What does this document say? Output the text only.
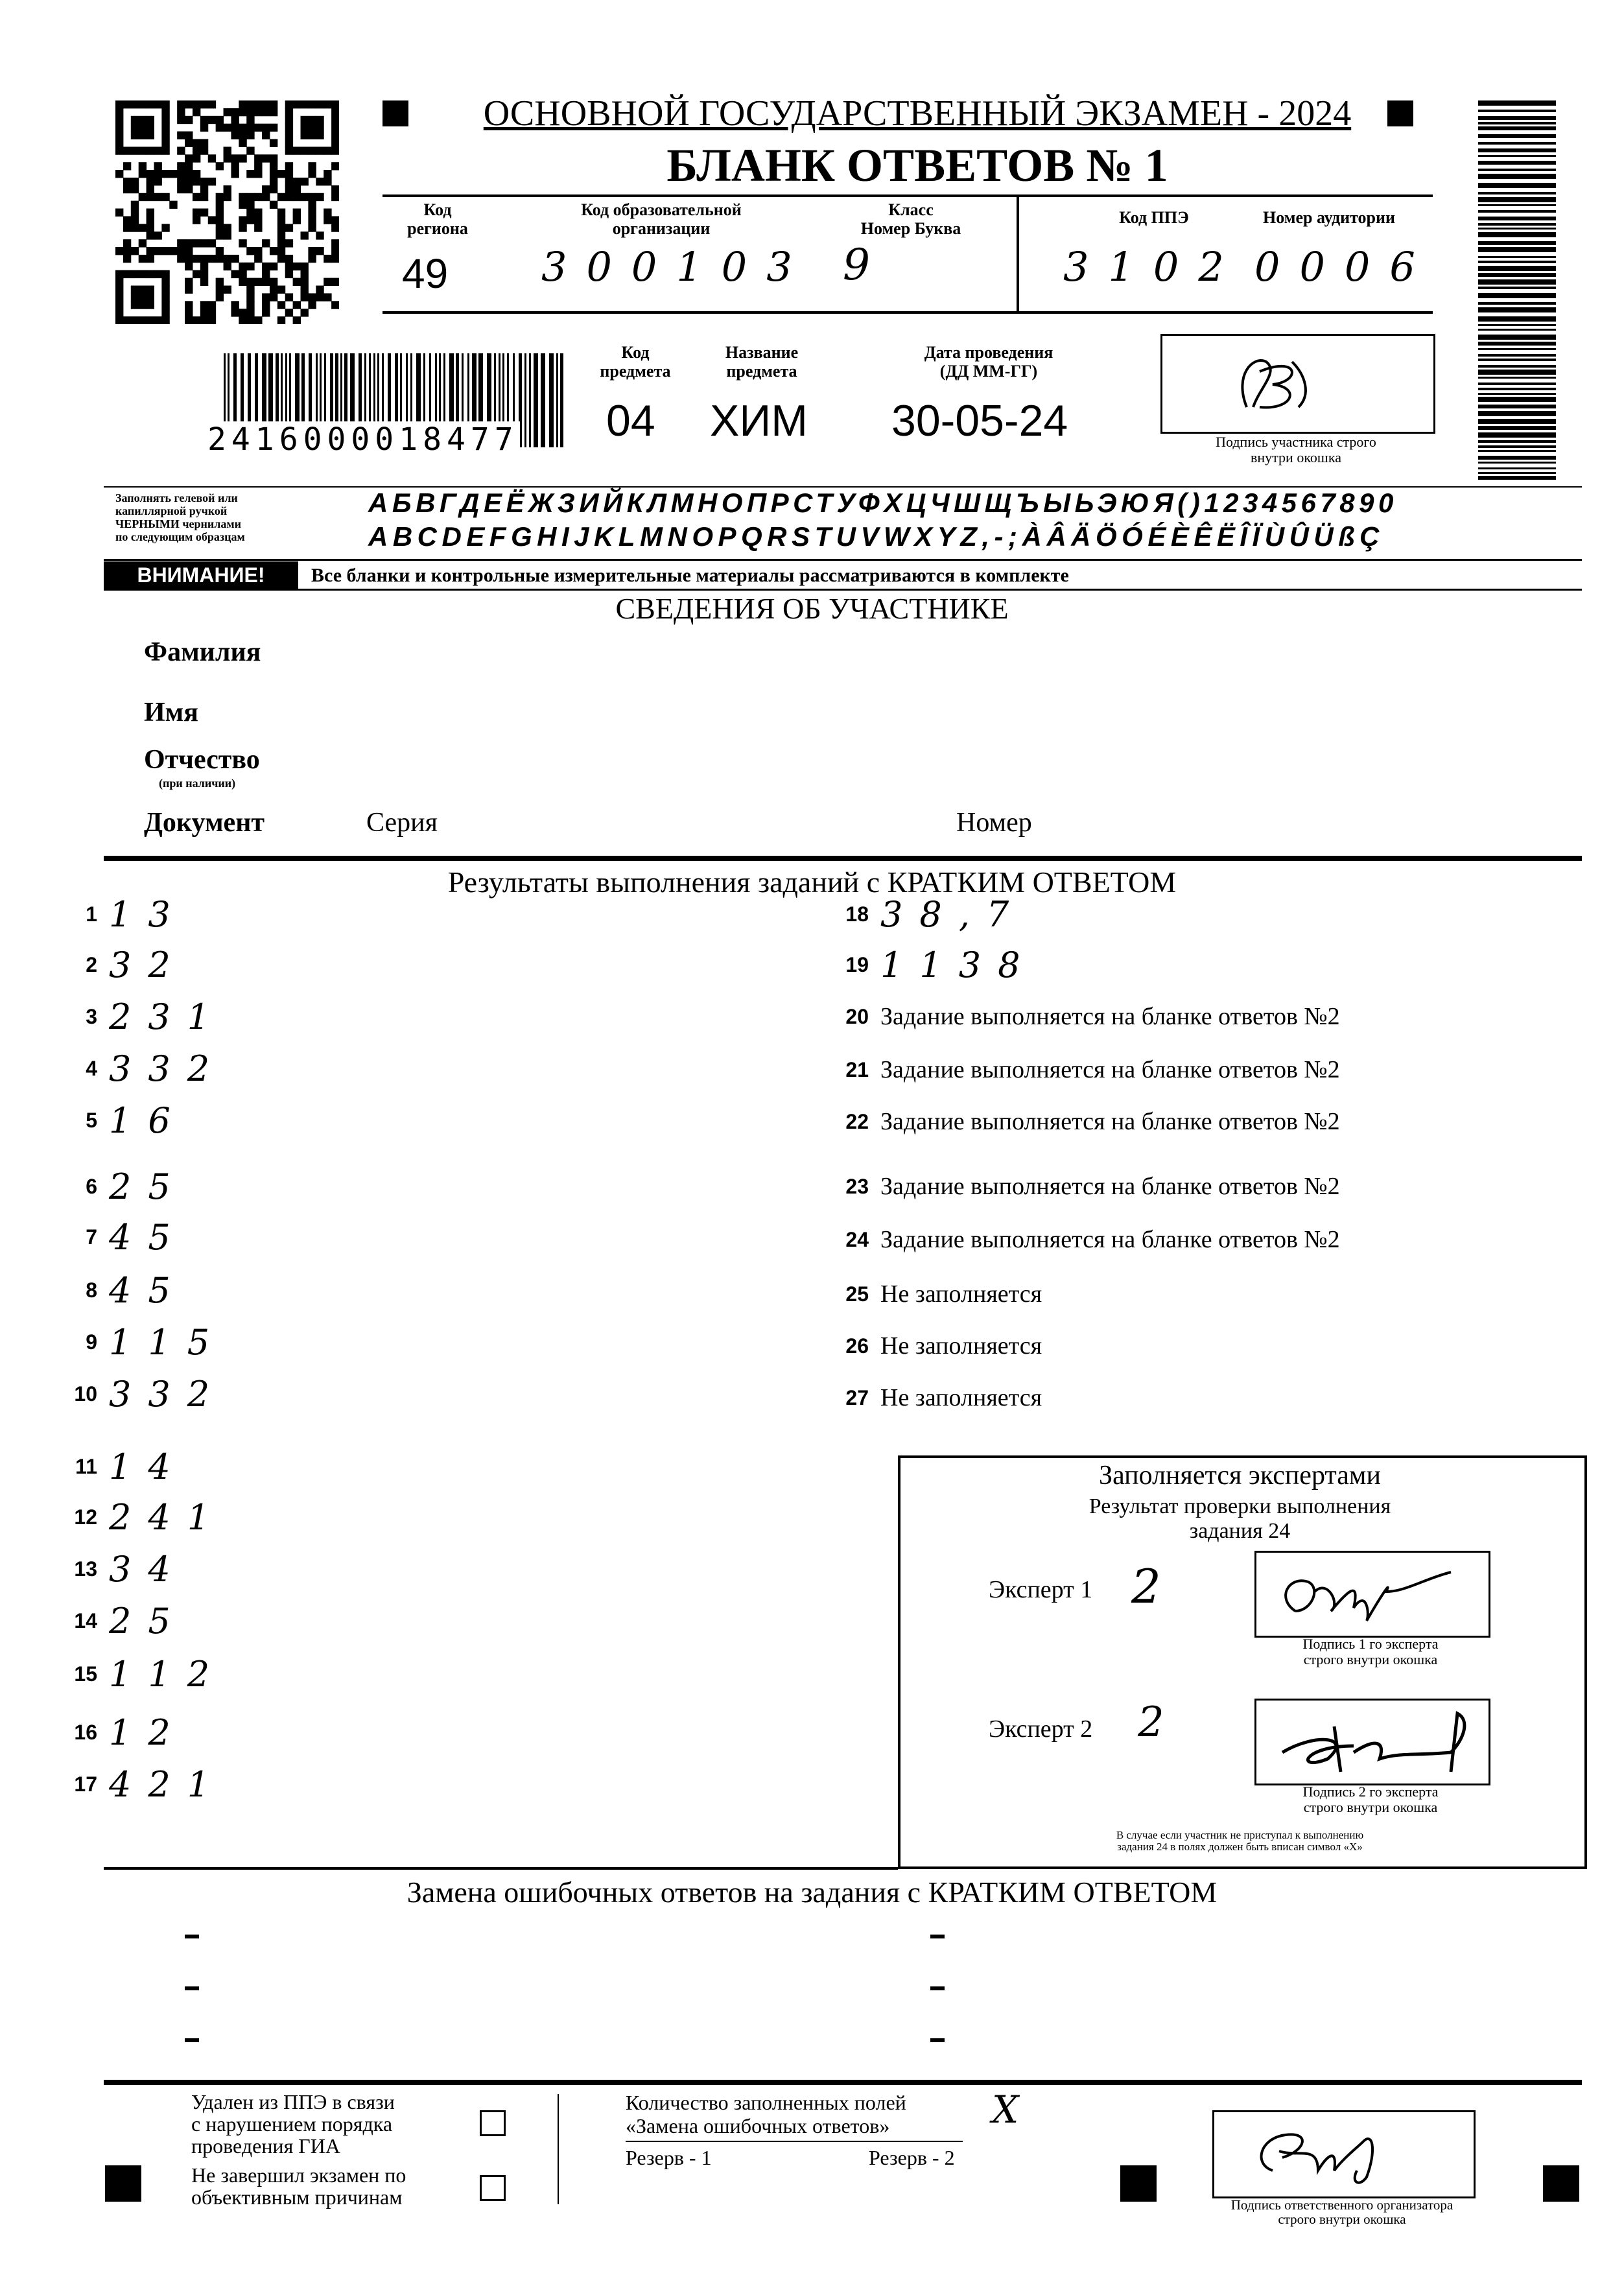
ОСНОВНОЙ ГОСУДАРСТВЕННЫЙ ЭКЗАМЕН - 2024
БЛАНК ОТВЕТОВ № 1
Код
региона
49
Код образовательной
организации
300103
Класс
Номер Буква
9
Код ППЭ
3102
Номер аудитории
0006
2416000018477
Код
предмета
04
Название
предмета
ХИМ
Дата проведения
(ДД ММ-ГГ)
30-05-24	Подпись участника строго
внутри окошка
Заполнять гелевой или
капиллярной ручкой
ЧЕРНЫМИ чернилами
по следующим образцам
АБВГДЕЁЖЗИЙКЛМНОПРСТУФХЦЧШЩЪЫЬЭЮЯ()1234567890
ABCDEFGHIJKLMNOPQRSTUVWXYZ,-;ÀÂÄÖÓÉÈÊËÎÏÙÛÜßÇ
ВНИМАНИЕ!	Все бланки и контрольные измерительные материалы рассматриваются в комплекте
СВЕДЕНИЯ ОБ УЧАСТНИКЕ
Фамилия
Имя
Отчество
(при наличии)
Документ	Серия	Номер
Результаты выполнения заданий с КРАТКИМ ОТВЕТОМ
1 13
2 32
3 231
4 332
5 16
6 25
7 45
8 45
9 115
10 332
11 14
12 241
13 34
14 25
15 112
16 12
17 421
18 38,7
19 1138
20 Задание выполняется на бланке ответов №2
21 Задание выполняется на бланке ответов №2
22 Задание выполняется на бланке ответов №2
23 Задание выполняется на бланке ответов №2
24 Задание выполняется на бланке ответов №2
25 Не заполняется
26 Не заполняется
27 Не заполняется
Заполняется экспертами
Результат проверки выполнения
задания 24
Эксперт 1 2
Подпись 1 го эксперта
строго внутри окошка
Эксперт 2 2
Подпись 2 го эксперта
строго внутри окошка
В случае если участник не приступал к выполнению
задания 24 в полях должен быть вписан символ «Х»
Замена ошибочных ответов на задания с КРАТКИМ ОТВЕТОМ
Удален из ППЭ в связи
с нарушением порядка
проведения ГИА
Не завершил экзамен по
объективным причинам
Количество заполненных полей
«Замена ошибочных ответов»	X
Резерв - 1	Резерв - 2
Подпись ответственного организатора
строго внутри окошка
